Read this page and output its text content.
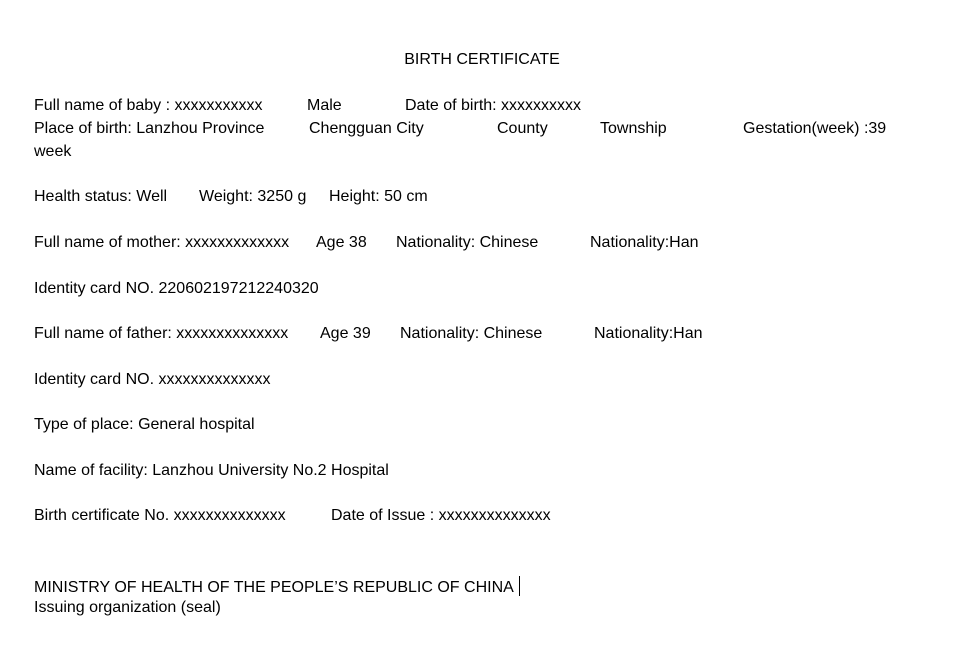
BIRTH CERTIFICATE
Full name of baby : xxxxxxxxxxx	Male	Date of birth: xxxxxxxxxx
Place of birth: Lanzhou Province	Chengguan City	County	Township	Gestation(week) :39
week
Health status: Well Weight: 3250 g Height: 50 cm
Full name of mother: xxxxxxxxxxxxx Age 38 Nationality: Chinese	Nationality:Han
Identity card NO. 220602197212240320
Full name of father: xxxxxxxxxxxxxx Age 39 Nationality: Chinese	Nationality:Han
Identity card NO. xxxxxxxxxxxxxx
Type of place: General hospital
Name of facility: Lanzhou University No.2 Hospital
Birth certificate No. xxxxxxxxxxxxxx	Date of Issue : xxxxxxxxxxxxxx
MINISTRY OF HEALTH OF THE PEOPLE’S REPUBLIC OF CHINA
Issuing organization (seal)
